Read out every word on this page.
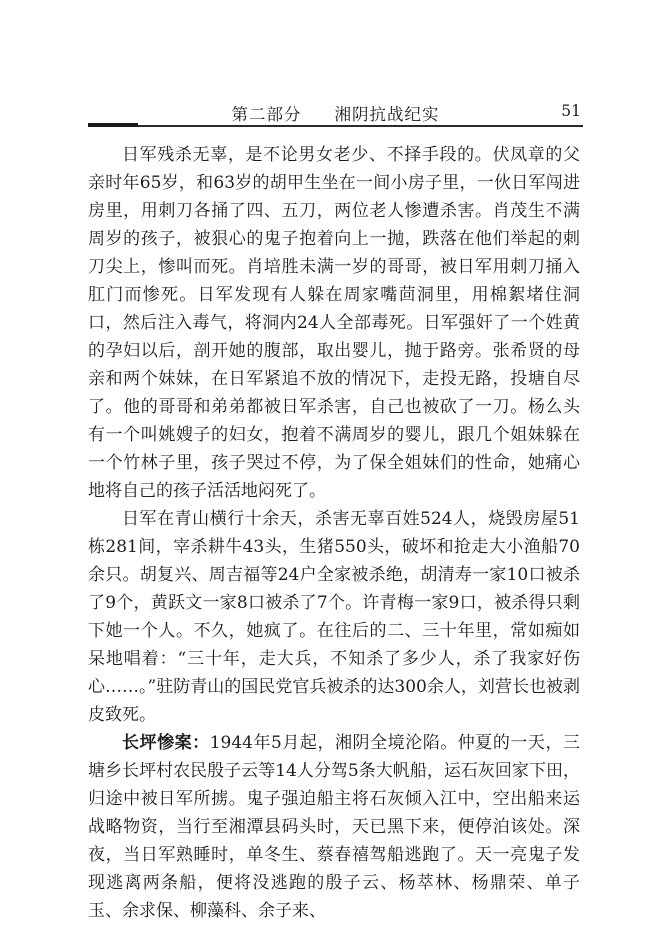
第二部分 湘阴抗战纪实	51

日军残杀无辜，是不论男女老少、不择手段的。伏凤章的父亲时年65岁，和63岁的胡甲生坐在一间小房子里，一伙日军闯进房里，用刺刀各捅了四、五刀，两位老人惨遭杀害。肖茂生不满周岁的孩子，被狠心的鬼子抱着向上一抛，跌落在他们举起的刺刀尖上，惨叫而死。肖培胜未满一岁的哥哥，被日军用刺刀捅入肛门而惨死。日军发现有人躲在周家嘴茴洞里，用棉絮堵住洞口，然后注入毒气，将洞内24人全部毒死。日军强奸了一个姓黄的孕妇以后，剖开她的腹部，取出婴儿，抛于路旁。张希贤的母亲和两个妹妹，在日军紧追不放的情况下，走投无路，投塘自尽了。他的哥哥和弟弟都被日军杀害，自己也被砍了一刀。杨么头有一个叫姚嫂子的妇女，抱着不满周岁的婴儿，跟几个姐妹躲在一个竹林子里，孩子哭过不停，为了保全姐妹们的性命，她痛心地将自己的孩子活活地闷死了。

日军在青山横行十余天，杀害无辜百姓524人，烧毁房屋51栋281间，宰杀耕牛43头，生猪550头，破坏和抢走大小渔船70余只。胡复兴、周吉福等24户全家被杀绝，胡清寿一家10口被杀了9个，黄跃文一家8口被杀了7个。许青梅一家9口，被杀得只剩下她一个人。不久，她疯了。在往后的二、三十年里，常如痴如呆地唱着：“三十年，走大兵，不知杀了多少人，杀了我家好伤心……。”驻防青山的国民党官兵被杀的达300余人，刘营长也被剥皮致死。

长坪惨案：1944年5月起，湘阴全境沦陷。仲夏的一天，三塘乡长坪村农民殷子云等14人分驾5条大帆船，运石灰回家下田，归途中被日军所掳。鬼子强迫船主将石灰倾入江中，空出船来运战略物资，当行至湘潭县码头时，天已黑下来，便停泊该处。深夜，当日军熟睡时，单冬生、蔡春禧驾船逃跑了。天一亮鬼子发现逃离两条船，便将没逃跑的殷子云、杨萃林、杨鼎荣、单子玉、余求保、柳藻科、余子来、
